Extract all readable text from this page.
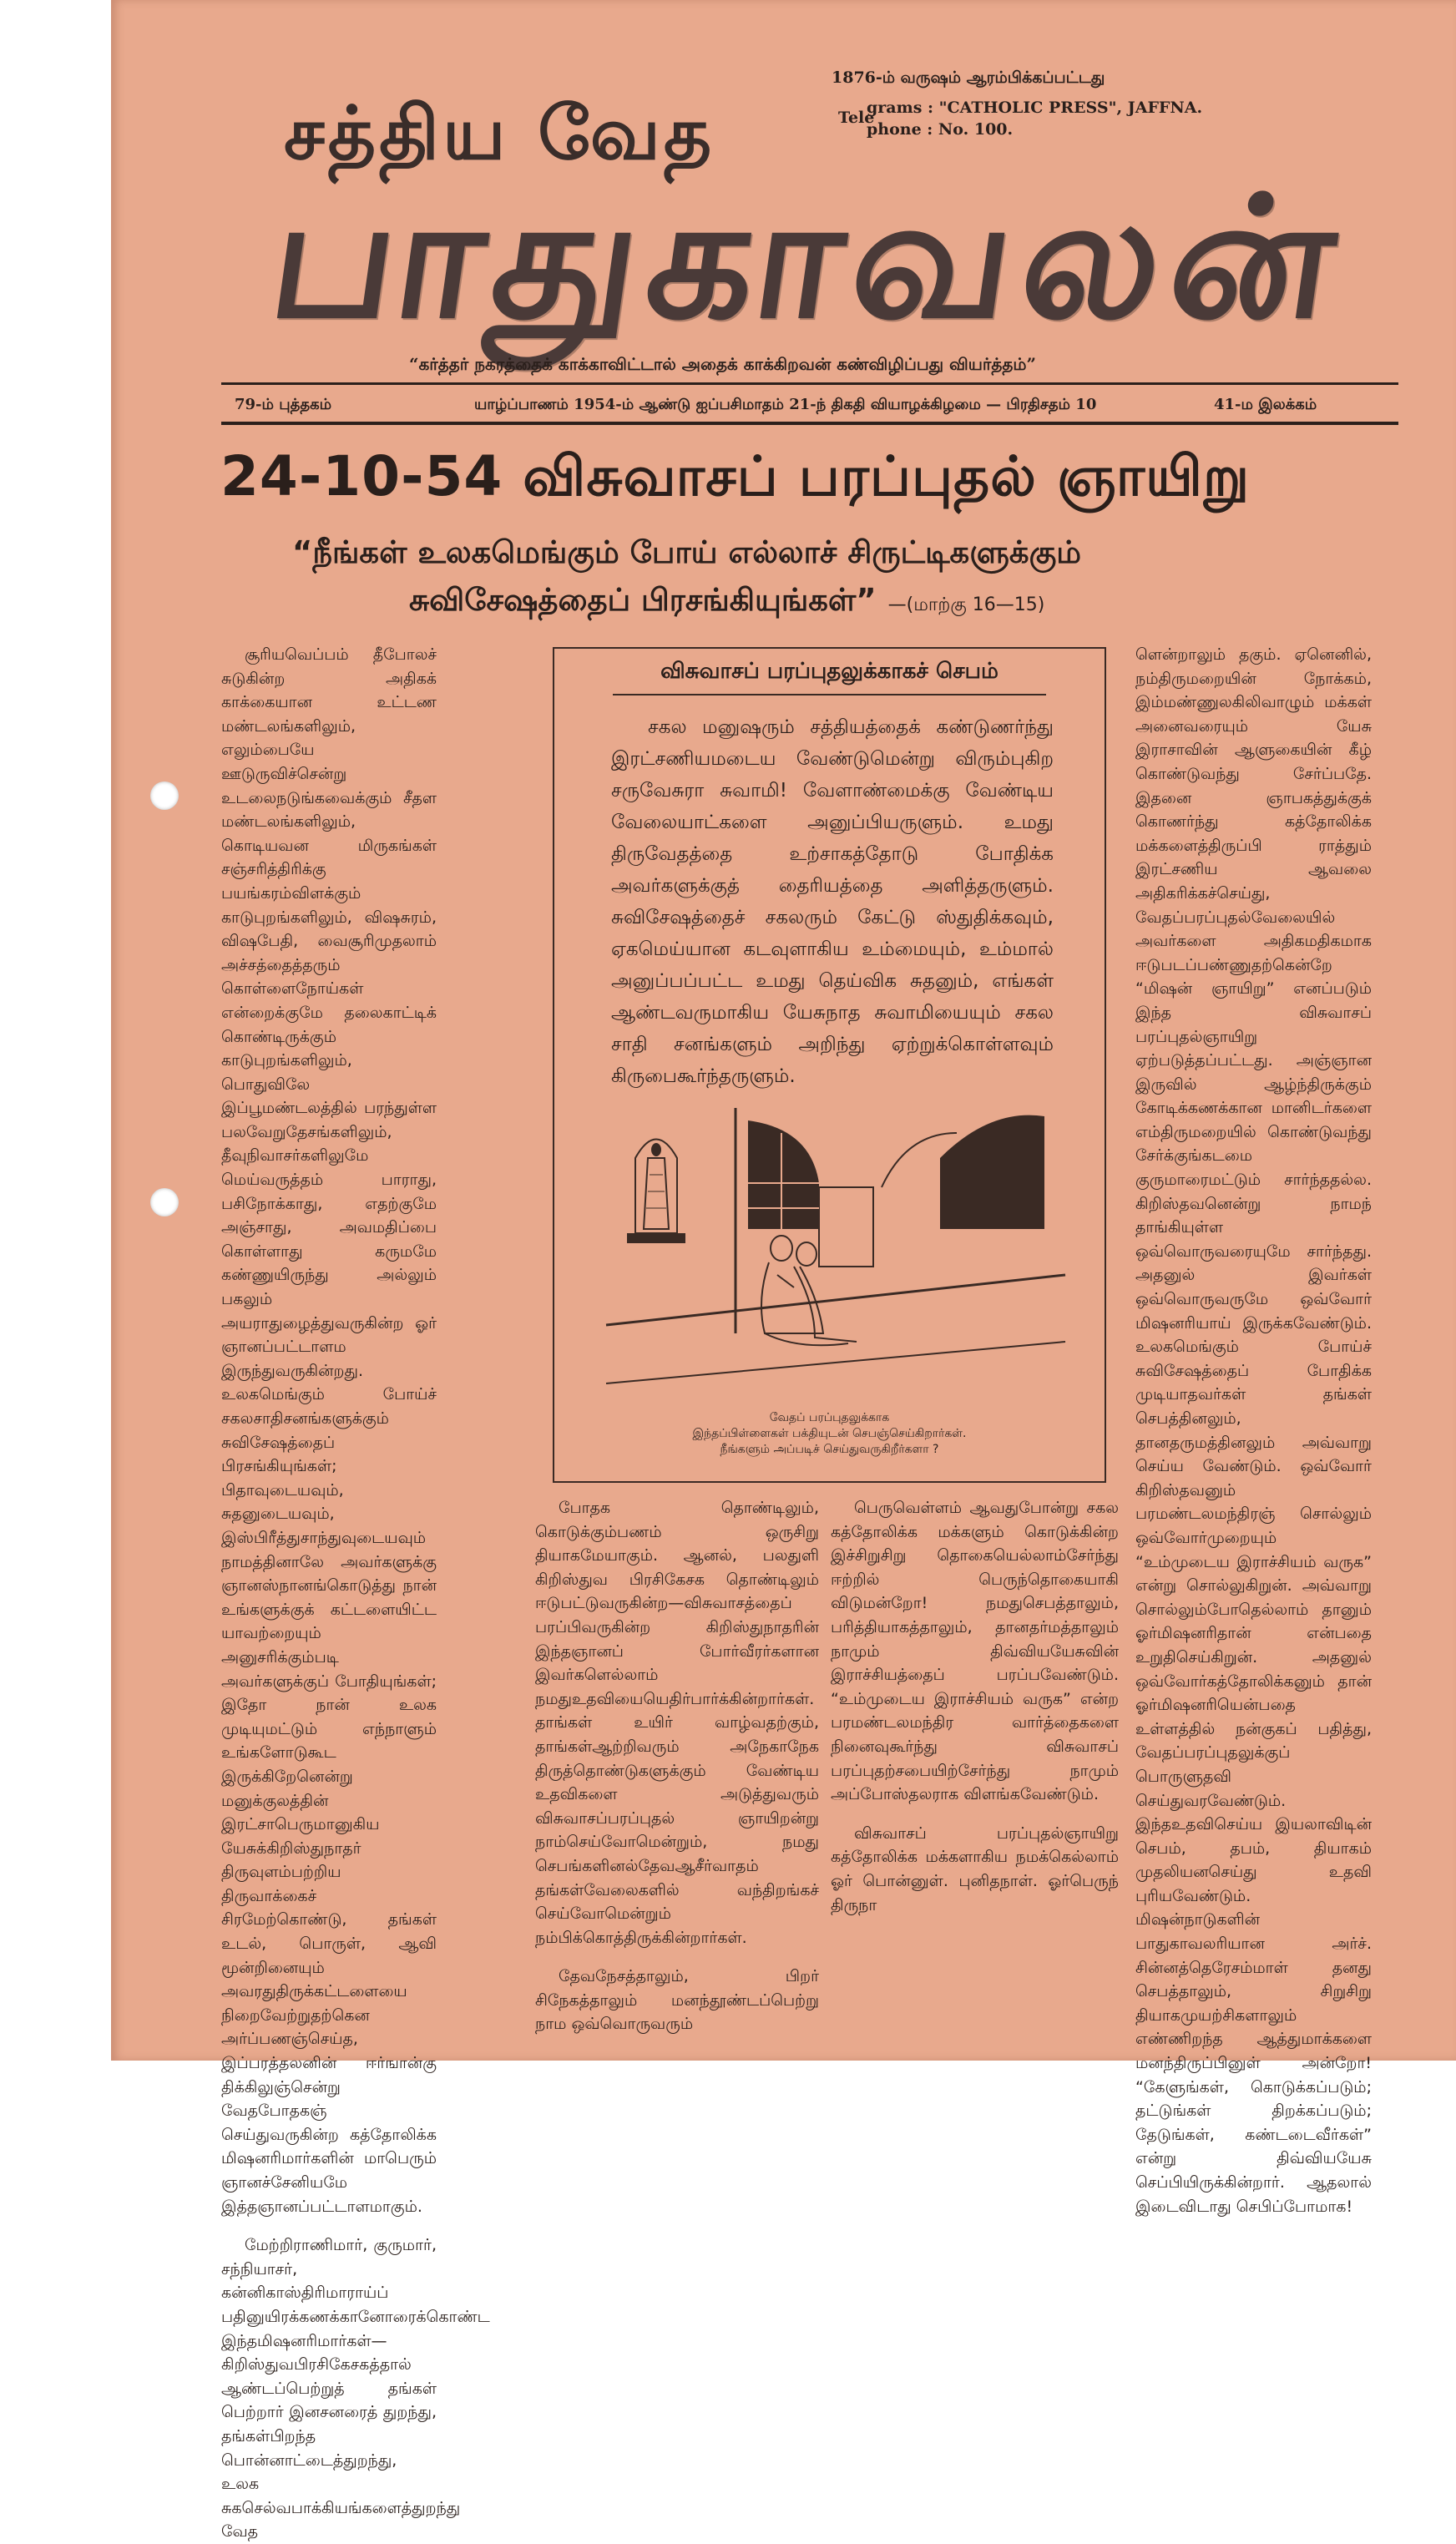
சத்திய வேத
பாதுகாவலன்
1876-ம் வருஷம் ஆரம்பிக்கப்பட்டது
Tele
grams : "CATHOLIC PRESS", JAFFNA.
phone : No. 100.
“கர்த்தர் நகரத்தைக் காக்காவிட்டால் அதைக் காக்கிறவன் கண்விழிப்பது வியர்த்தம்”
79-ம் புத்தகம்	யாழ்ப்பாணம் 1954-ம் ஆண்டு ஐப்பசிமாதம் 21-ந் திகதி வியாழக்கிழமை — பிரதிசதம் 10	41-ம இலக்கம்
24-10-54 விசுவாசப் பரப்புதல் ஞாயிறு
“நீங்கள் உலகமெங்கும் போய் எல்லாச் சிருட்டிகளுக்கும்
சுவிசேஷத்தைப் பிரசங்கியுங்கள்” —(மாற்கு 16—15)

சூரியவெப்பம் தீபோலச் சுடுகின்ற அதிகக் காக்கையான உட்டண மண்டலங்களிலும், எலும்பையே ஊடுருவிச்சென்று உடலைநடுங்கவைக்கும் சீதள மண்டலங்களிலும், கொடியவன மிருகங்கள் சஞ்சரித்திரிக்கு பயங்கரம்விளக்கும் காடுபுறங்களிலும், விஷசுரம், விஷபேதி, வைசூரிமுதலாம் அச்சத்தைத்தரும் கொள்ளைநோய்கள் என்றைக்குமே தலைகாட்டிக் கொண்டிருக்கும் காடுபுறங்களிலும், பொதுவிலே இப்பூமண்டலத்தில் பரந்துள்ள பலவேறுதேசங்களிலும், தீவுநிவாசர்களிலுமே மெய்வருத்தம் பாராது, பசிநோக்காது, எதற்குமே அஞ்சாது, அவமதிப்பை கொள்ளாது கருமமே கண்ணுயிருந்து அல்லும் பகலும் அயராதுழைத்துவருகின்ற ஓர் ஞானப்பட்டாளம இருந்துவருகின்றது. உலகமெங்கும் போய்ச் சகலசாதிசனங்களுக்கும் சுவிசேஷத்தைப் பிரசங்கியுங்கள்; பிதாவுடையவும், சுதனுடையவும், இஸ்பிரீத்துசாந்துவுடையவும் நாமத்தினாலே அவர்களுக்கு ஞானஸ்நானங்கொடுத்து நான் உங்களுக்குக் கட்டளையிட்ட யாவற்றையும் அனுசரிக்கும்படி அவர்களுக்குப் போதியுங்கள்; இதோ நான் உலக முடியுமட்டும் எந்நாளும் உங்களோடுகூட இருக்கிறேனென்று மனுக்குலத்தின் இரட்சாபெருமானுகிய யேசுக்கிறிஸ்துநாதர் திருவுளம்பற்றிய திருவாக்கைச் சிரமேற்கொண்டு, தங்கள் உடல், பொருள், ஆவி மூன்றினையும் அவரதுதிருக்கட்டளையை நிறைவேற்றுதற்கென அர்ப்பணஞ்செய்த, இப்பரத்தலனின் ஈர்ஙான்கு திக்கிலுஞ்சென்று வேதபோதகஞ் செய்துவருகின்ற கத்தோலிக்க மிஷனரிமார்களின் மாபெரும் ஞானச்சேனியமே இத்தஞானப்பட்டாளமாகும்.

மேற்றிராணிமார், குருமார், சந்நியாசர், கன்னிகாஸ்திரிமாராய்ப் பதினுயிரக்கணக்கானோரைக்கொண்ட இந்தமிஷனரிமார்கள்—கிறிஸ்துவபிரசிகேசகத்தால் ஆண்டப்பெற்றுத் தங்கள் பெற்றார் இனசனரைத் துறந்து, தங்கள்பிறந்த பொன்னாட்டைத்துறந்து, உலக சுகசெல்வபாக்கியங்களைத்துறந்து வேத

விசுவாசப் பரப்புதலுக்காகச் செபம்

சகல மனுஷரும் சத்தியத்தைக் கண்டுணர்ந்து இரட்சணியமடைய வேண்டுமென்று விரும்புகிற சருவேசுரா சுவாமி! வேளாண்மைக்கு வேண்டிய வேலையாட்களை அனுப்பியருளும். உமது திருவேதத்தை உற்சாகத்தோடு போதிக்க அவர்களுக்குத் தைரியத்தை அளித்தருளும். சுவிசேஷத்தைச் சகலரும் கேட்டு ஸ்துதிக்கவும், ஏகமெய்யான கடவுளாகிய உம்மையும், உம்மால் அனுப்பப்பட்ட உமது தெய்விக சுதனும், எங்கள் ஆண்டவருமாகிய யேசுநாத சுவாமியையும் சகல சாதி சனங்களும் அறிந்து ஏற்றுக்கொள்ளவும் கிருபைகூர்ந்தருளும்.

வேதப் பரப்புதலுக்காக
இந்தப்பிள்ளைகள் பக்தியுடன் செபஞ்செய்கிறார்கள்.
நீங்களும் அப்படிச் செய்துவருகிறீர்களா ?

போதக தொண்டிலும், கொடுக்கும்பணம் ஒருசிறு தியாகமேயாகும். ஆனல், பலதுளி கிறிஸ்துவ பிரசிகேசக தொண்டிலும் ஈடுபட்டுவருகின்ற—விசுவாசத்தைப் பரப்பிவருகின்ற கிறிஸ்துநாதரின் இந்தஞானப் போர்வீரர்களான இவர்களெல்லாம் நமதுஉதவியையெதிர்பார்க்கின்றார்கள். தாங்கள் உயிர் வாழ்வதற்கும், தாங்கள்ஆற்றிவரும் அநேகாநேக திருத்தொண்டுகளுக்கும் வேண்டிய உதவிகளை அடுத்துவரும் விசுவாசப்பரப்புதல் ஞாயிறன்று நாம்செய்வோமென்றும், நமது செபங்களினல்தேவஆசீர்வாதம் தங்கள்வேலைகளில் வந்திறங்கச் செய்வோமென்றும் நம்பிக்கொத்திருக்கின்றார்கள்.

தேவநேசத்தாலும், பிறர் சிநேகத்தாலும் மனந்தூண்டப்பெற்று நாம ஒவ்வொருவரும்

பெருவெள்ளம் ஆவதுபோன்று சகல கத்தோலிக்க மக்களும் கொடுக்கின்ற இச்சிறுசிறு தொகையெல்லாம்சேர்ந்து ஈற்றில் பெருந்தொகையாகி விடுமன்றோ! நமதுசெபத்தாலும், பரித்தியாகத்தாலும், தானதர்மத்தாலும் நாமும் திவ்வியயேசுவின் இராச்சியத்தைப் பரப்பவேண்டும். “உம்முடைய இராச்சியம் வருக” என்ற பரமண்டலமந்திர வார்த்தைகளை நினைவுகூர்ந்து விசுவாசப் பரப்புதற்சபையிற்சேர்ந்து நாமும் அப்போஸ்தலராக விளங்கவேண்டும்.

விசுவாசப் பரப்புதல்ஞாயிறு கத்தோலிக்க மக்களாகிய நமக்கெல்லாம் ஓர் பொன்னுள். புனிதநாள். ஓர்பெருந் திருநா

ளென்றாலும் தகும். ஏனெனில், நம்திருமறையின் நோக்கம், இம்மண்ணுலகிலிவாழும் மக்கள் அனைவரையும் யேசு இராசாவின் ஆளுகையின் கீழ் கொண்டுவந்து சேர்ப்பதே. இதனை ஞாபகத்துக்குக் கொணர்ந்து கத்தோலிக்க மக்களைத்திருப்பி ராத்தும் இரட்சணிய ஆவலை அதிகரிக்கச்செய்து, வேதப்பரப்புதல்வேலையில் அவர்களை அதிகமதிகமாக ஈடுபடப்பண்ணுதற்கென்றே “மிஷன் ஞாயிறு” எனப்படும் இந்த விசுவாசப் பரப்புதல்ஞாயிறு ஏற்படுத்தப்பட்டது. அஞ்ஞான இருவில் ஆழ்ந்திருக்கும் கோடிக்கணக்கான மானிடர்களை எம்திருமறையில் கொண்டுவந்து சேர்க்குங்கடமை குருமாரைமட்டும் சார்ந்ததல்ல. கிறிஸ்தவனென்று நாமந் தாங்கியுள்ள ஒவ்வொருவரையுமே சார்ந்தது. அதனுல் இவர்கள் ஒவ்வொருவருமே ஒவ்வோர் மிஷனரியாய் இருக்கவேண்டும். உலகமெங்கும் போய்ச் சுவிசேஷத்தைப் போதிக்க முடியாதவர்கள் தங்கள் செபத்தினலும், தானதருமத்தினலும் அவ்வாறு செய்ய வேண்டும். ஒவ்வோர் கிறிஸ்தவனும் பரமண்டலமந்திரஞ் சொல்லும் ஒவ்வோர்முறையும் “உம்முடைய இராச்சியம் வருக” என்று சொல்லுகிறுன். அவ்வாறு சொல்லும்போதெல்லாம் தானும் ஓர்மிஷனரிதான் என்பதை உறுதிசெய்கிறுன். அதனுல் ஒவ்வோர்கத்தோலிக்கனும் தான் ஓர்மிஷனரியென்பதை உள்ளத்தில் நன்குகப் பதித்து, வேதப்பரப்புதலுக்குப் பொருளுதவி செய்துவரவேண்டும். இந்தஉதவிசெய்ய இயலாவிடின் செபம், தபம், தியாகம் முதலியனசெய்து உதவி புரியவேண்டும். மிஷன்நாடுகளின் பாதுகாவலரியான அர்ச். சின்னத்தெரேசம்மாள் தனது செபத்தாலும், சிறுசிறு தியாகமுயற்சிகளாலும் எண்ணிறந்த ஆத்துமாக்களை மனந்திருப்பினுள் அன்றோ! “கேளுங்கள், கொடுக்கப்படும்; தட்டுங்கள் திறக்கப்படும்; தேடுங்கள், கண்டடைவீர்கள்” என்று திவ்வியயேசு செப்பியிருக்கின்றார். ஆதலால் இடைவிடாது செபிப்போமாக!
